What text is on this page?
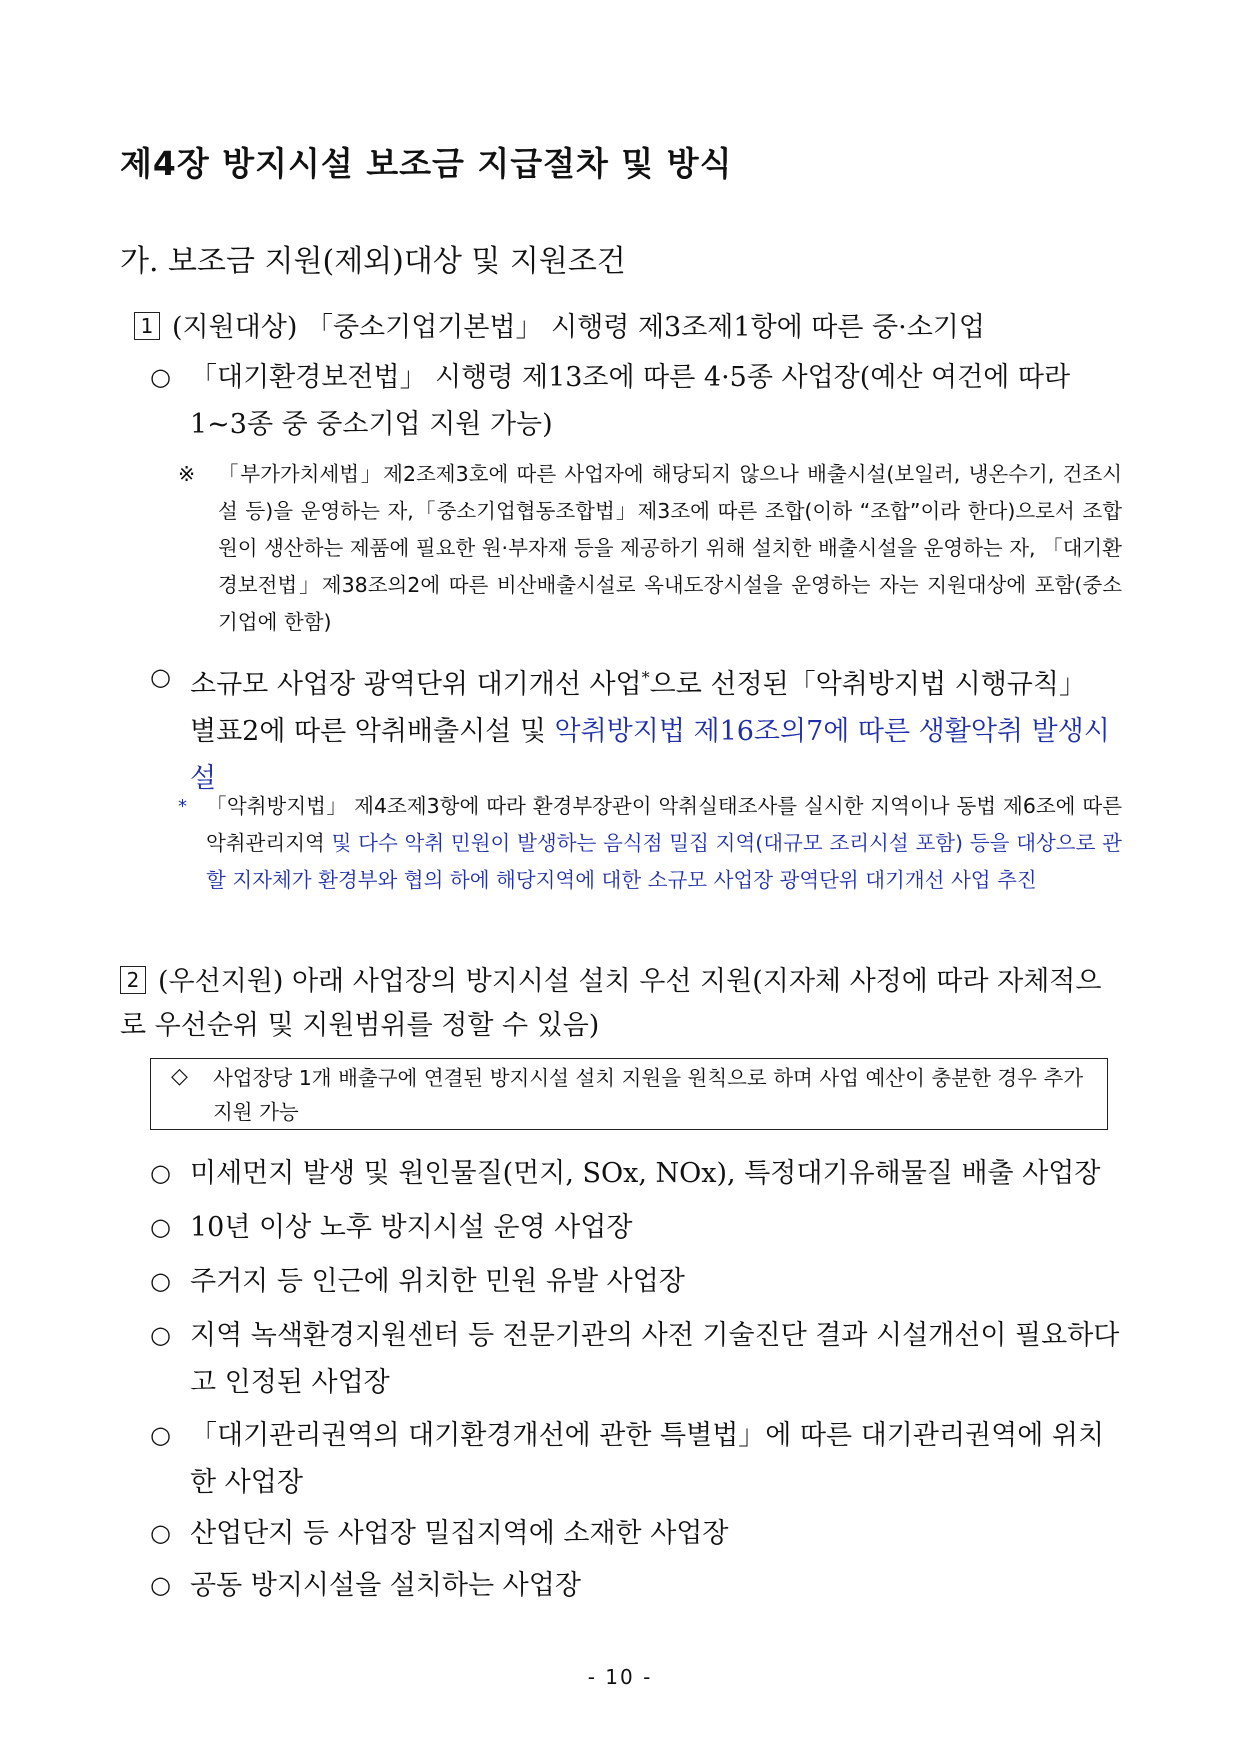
제4장 방지시설 보조금 지급절차 및 방식
가. 보조금 지원(제외)대상 및 지원조건
1 (지원대상) 「중소기업기본법」 시행령 제3조제1항에 따른 중·소기업
○ 「대기환경보전법」 시행령 제13조에 따른 4·5종 사업장(예산 여건에 따라 1~3종 중 중소기업 지원 가능)
※	「부가가치세법」제2조제3호에 따른 사업자에 해당되지 않으나 배출시설(보일러, 냉온수기, 건조시설 등)을 운영하는 자,「중소기업협동조합법」제3조에 따른 조합(이하 “조합”이라 한다)으로서 조합원이 생산하는 제품에 필요한 원·부자재 등을 제공하기 위해 설치한 배출시설을 운영하는 자, 「대기환경보전법」제38조의2에 따른 비산배출시설로 옥내도장시설을 운영하는 자는 지원대상에 포함(중소기업에 한함)
○ 소규모 사업장 광역단위 대기개선 사업*으로 선정된「악취방지법 시행규칙」 별표2에 따른 악취배출시설 및 악취방지법 제16조의7에 따른 생활악취 발생시설
* 「악취방지법」 제4조제3항에 따라 환경부장관이 악취실태조사를 실시한 지역이나 동법 제6조에 따른 악취관리지역 및 다수 악취 민원이 발생하는 음식점 밀집 지역(대규모 조리시설 포함) 등을 대상으로 관할 지자체가 환경부와 협의 하에 해당지역에 대한 소규모 사업장 광역단위 대기개선 사업 추진
2 (우선지원) 아래 사업장의 방지시설 설치 우선 지원(지자체 사정에 따라 자체적으로 우선순위 및 지원범위를 정할 수 있음)
◇	사업장당 1개 배출구에 연결된 방지시설 설치 지원을 원칙으로 하며 사업 예산이 충분한 경우 추가 지원 가능
○ 미세먼지 발생 및 원인물질(먼지, SOx, NOx), 특정대기유해물질 배출 사업장
○ 10년 이상 노후 방지시설 운영 사업장
○ 주거지 등 인근에 위치한 민원 유발 사업장
○ 지역 녹색환경지원센터 등 전문기관의 사전 기술진단 결과 시설개선이 필요하다고 인정된 사업장
○ 「대기관리권역의 대기환경개선에 관한 특별법」에 따른 대기관리권역에 위치한 사업장
○ 산업단지 등 사업장 밀집지역에 소재한 사업장
○ 공동 방지시설을 설치하는 사업장
- 10 -
